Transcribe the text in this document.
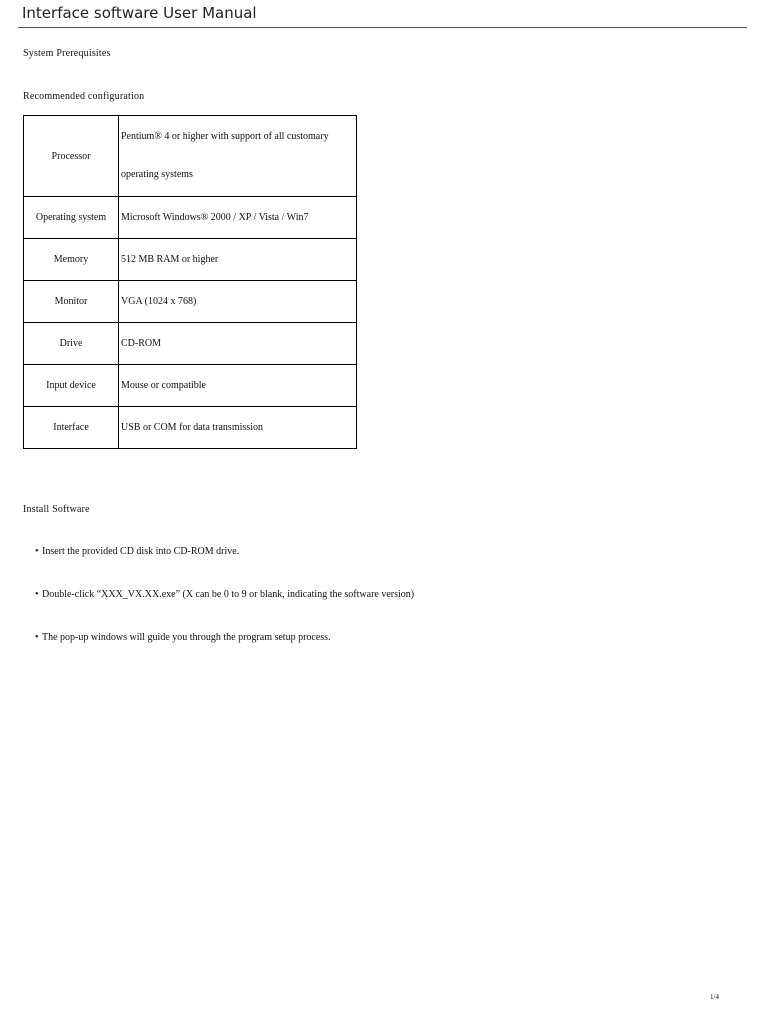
Interface software User Manual
System Prerequisites
Recommended configuration
Processor	Pentium® 4 or higher with support of all customary
operating systems

Operating system	Microsoft Windows® 2000 / XP / Vista / Win7
Memory	512 MB RAM or higher
Monitor	VGA (1024 x 768)
Drive	CD-ROM
Input device	Mouse or compatible
Interface	USB or COM for data transmission
Install Software
• Insert the provided CD disk into CD-ROM drive.
• Double-click “XXX_VX.XX.exe” (X can be 0 to 9 or blank, indicating the software version)
• The pop-up windows will guide you through the program setup process.
1/4
